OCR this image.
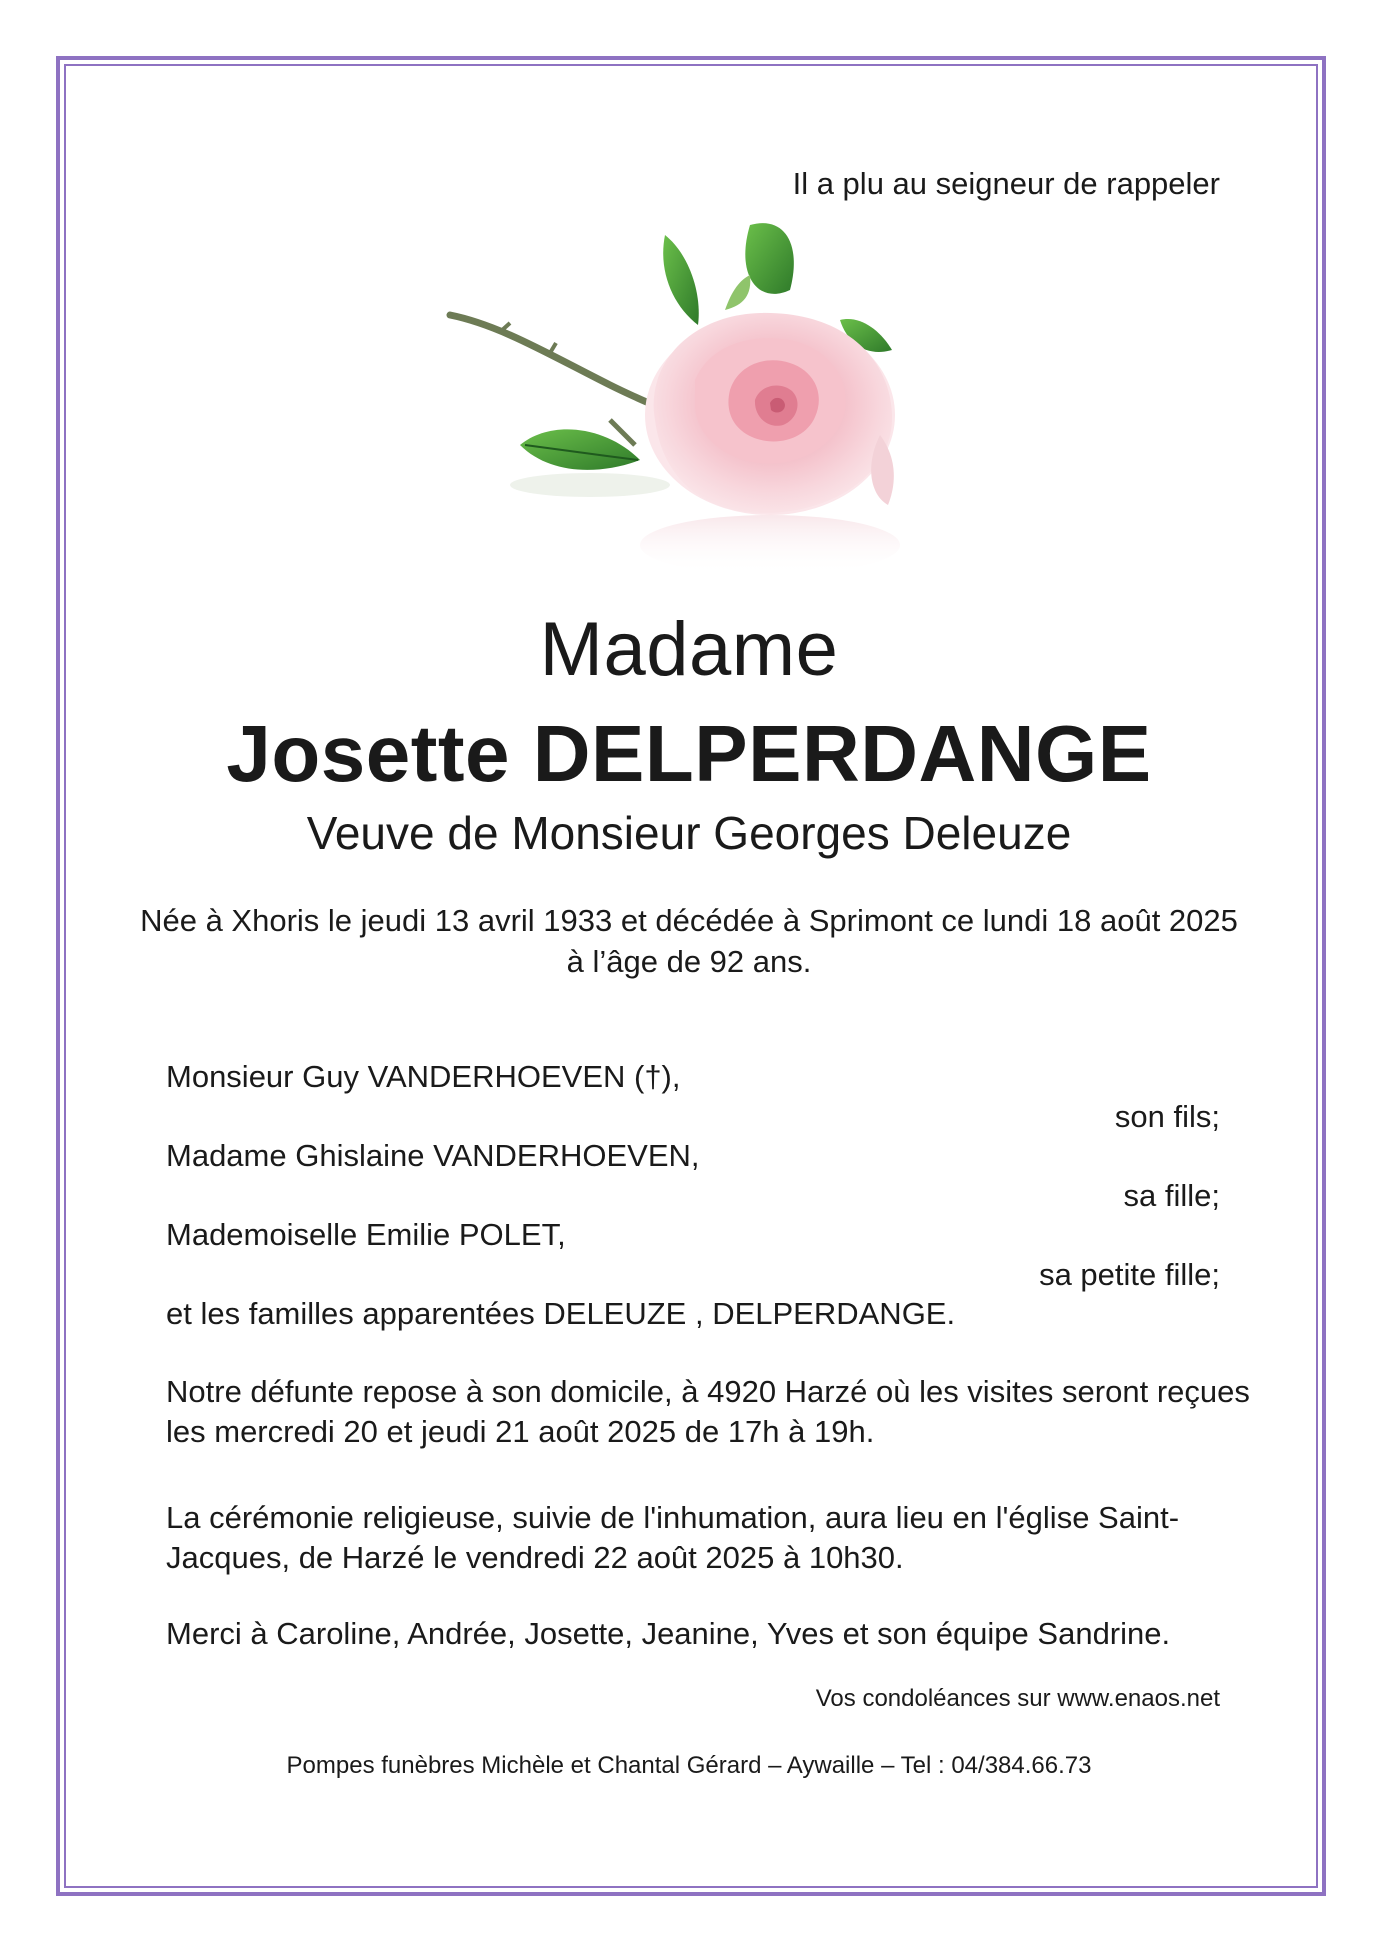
Il a plu au seigneur de rappeler
Madame
Josette DELPERDANGE
Veuve de Monsieur Georges Deleuze
Née à Xhoris le jeudi 13 avril 1933 et décédée à Sprimont ce lundi 18 août 2025
à l’âge de 92 ans.
Monsieur Guy VANDERHOEVEN (†),
son fils;
Madame Ghislaine VANDERHOEVEN,
sa fille;
Mademoiselle Emilie POLET,
sa petite fille;
et les familles apparentées DELEUZE , DELPERDANGE.
Notre défunte repose à son domicile, à 4920 Harzé où les visites seront reçues
les mercredi 20 et jeudi 21 août 2025 de 17h à 19h.
La cérémonie religieuse, suivie de l'inhumation, aura lieu en l'église Saint-
Jacques, de Harzé le vendredi 22 août 2025 à 10h30.
Merci à Caroline, Andrée, Josette, Jeanine, Yves et son équipe Sandrine.
Vos condoléances sur www.enaos.net
Pompes funèbres Michèle et Chantal Gérard – Aywaille – Tel : 04/384.66.73
